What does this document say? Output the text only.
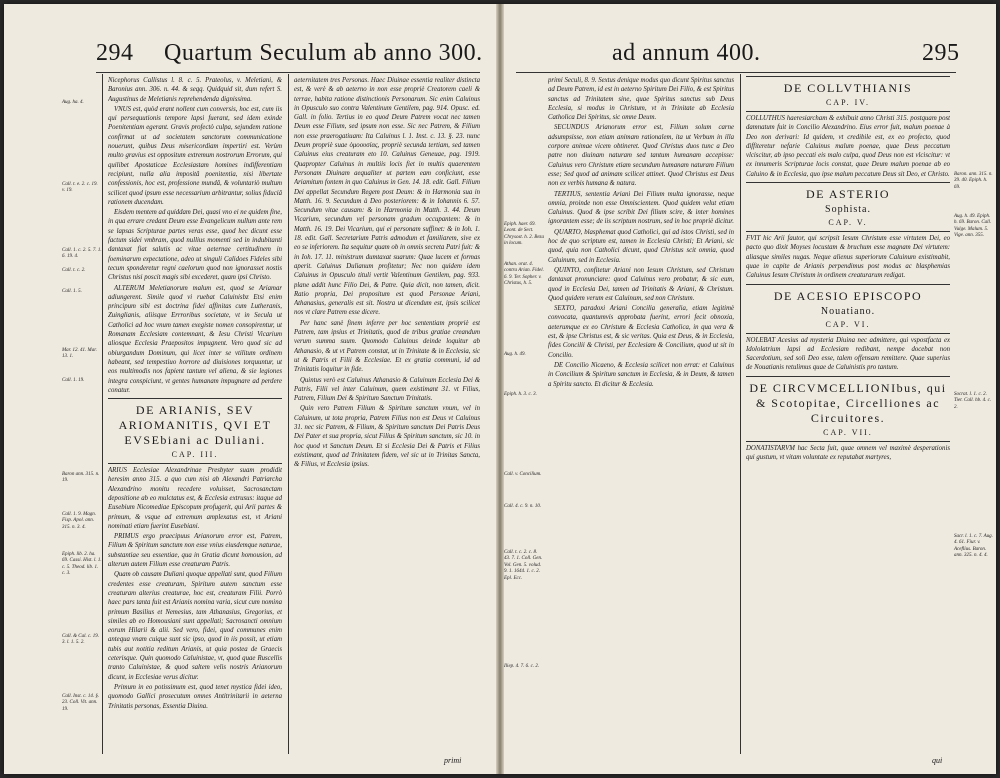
294 Quartum Seculum ab anno 300.
Aug. ha. 4.
Call. t. e. 2. c. 19. v. 19.
Call. 1. c. 2. 5. 7. 1. 6. 19. 4.
Call. t. c. 2.
Call. 1. 5.
Mar. 12. 41. Mar. 13. 1.
Call. 1. 19.
Baron ann. 315. n. 19.
Call. 1. 9. Magn. Fisp. Apol. ann. 315. n. 3. 4.
Epiph. lib. 2. ha. 69. Cassi. Hist. l. 1. c. 5. Theod. lib. 1. c. 3.
Call. & Cal. c. 19. 3. l. 1. 5. 2.
Call. Inst. c. 14. §. 23. Coll. Vit. ann. 19.

Nicephorus Callistus l. 8. c. 5. Prateolus, v. Meletiani, & Baronius ann. 306. n. 44. & seqq. Quidquid sit, dum refert S. Augustinus de Meletianis reprehendenda dignissima.

VNUS est, quòd erant nollent cum conversis, hoc est, cum iis qui persequutionis tempore lapsi fuerant, sed idem exinde Poenitentiam egerant. Gravis profectò culpa, sejundem ratione confirmat ut ad societatem sanctorum communicatione nouerunt, quibus Deus misericordiam impertiri est. Verùm multo gravius est oppositum extremum nostrorum Errorum, qui quilibet Apostaticae Ecclesiastam homines indifferentiam recipiunt, nulla alia impositâ poenitentia, nisi libertate confessionis, hoc est, professione mundâ, & voluntariò multum scilicet quod ipsum esse necessarium arbitrantur, solius fiduciâ rationem ducendam.

Eisdem mentem ad quiddam Dei, quasi vno ei ne quidem fine, in qua errare credant Deum esse Evangelicum nullum ante rem se lapsas Scripturae partes veras esse, quod hec dicunt esse factum sidei vmbram, quod nullius momenti sed in indubitanti dantaxat fiat salutis ac vitae aeternae certitudinem in foeminarum expectatione, adeo ut singuli Calidoes Fideles sibi tecum sponderetur regni caelorum quod non ignorasset nostis Christus nisi poscit magis sibi excederet, quam ipsi Christo.

ALTERUM Meletianorum malum est, quod se Ariamar adiungerent. Simile quod vi ruebat Caluinisbz Etsi enim principum sibi est doctrina fidei affinitas cum Lutheranis, Zuinglianis, aliisque Errroribus societate, vt in Secula ut Catholici ad hoc vnum tamen exegiste nomen consopirentur, ut Romanam Ecclesiam contemnant, & Iesu Christi Vicarium aliosque Ecclesia Praepositos impugnent. Vero quod sic ad obiurgandum Dominum, qui licet inter se vtilitum ordinem habeant, sed tempestiuo horrore ad diuisiones torquuntur, ut eos multimodis nos fapient tantum vel aliena, & sie legiones integra conspiciunt, vt gentes humanam impugnare ad perdere conatur.

DE ARIANIS, SEV ARIOMANITIS, QVI ET EVSEbiani ac Duliani.
CAP. III.

ARIUS Ecclesiae Alexandrinae Presbyter suam prodidit heresim anno 315. a quo cum nisi ab Alexandri Patriarcha Alexandrino monitu recedere voluisset, Sacrosanctam depositione ab eo mulctatus est, & Ecclesia extrusus: itaque ad Eusebium Nicomediae Episcopum profugerit, qui Arii partes & primum, & vsque ad extremum amplexatus est, vt Ariani nominati etiam fuerint Eusebiani.

PRIMUS ergo praecipuus Arianorum error est, Patrem, Filium & Spiritum sanctum non esse vnius eiusdemque naturae, substantiae seu essentiae, qua in Gratia dicunt homousion, ad alterum autem Filium esse creaturam Patris.

Quam ob causam Duliani quoque appellati sunt, quod Filium credentes esse creaturam, Spiritum autem sanctum esse creaturam alterius creaturae, hoc est, creaturam Filii. Porrò haec pars tanta fuit est Arianis nomina varia, sicut cum nomina primum Basilius et Nemesius, tam Athanasius, Gregorius, et similes ab eo Homousiani sunt appellati; Sacrosancti omnium eorum Hilarii & alii. Sed vero, fidei, quod communes enim antequa vnam cuique sunt sic ipso, quod in iis possit, ut etiam tubis aut notitia reditum Arianis, ut quia postea de Graecis ceterisque. Quin quomodo Caluinistae, vt, quod quae Ruscellis tranto Caluinistae, & quod saltem velis nostris Arianorum dicunt, in Ecclesiae verus dicitur.

Primum in eo potissimum est, quod tenet mystica fidei ideo, quomodo Gallici prosecutum omnes Antitrinitarii in aeterna Trinitatis personas, Essentia Diuina.

aeternitatem tres Personas. Haec Diuinae essentia realiter distincta est, & verè & ab aeterno in non esse propriè Creatorem caeli & terrae, habita ratione distinctionis Personarum. Sic enim Caluinus in Opusculo suo contra Valentinum Gentilem, pag. 914. Opusc. ed. Gall. in folio. Tertius in eo quod Deum Patrem vocat nec tamen Deum esse Filium, sed ipsum non esse. Sic nec Patrem, & Filium non esse praerogatiuam: Ita Caluinus l. 1. Inst. c. 13. §. 23. nunc Deum propriè suae ὁμοουσίας, propriè secunda tertiam, sed tamen Caluinus eius creaturam eto 10. Caluinus Geneuae, pag. 1919. Quapropter Caluinus in multiis locis fiet in multis quaerentem Personam Diuinam aequaliter ut partem eam conficiunt, esse Ariamitum fontem in quo Caluinus in Gen. 14. 18. edit. Gall. Filium Dei appellat Secundum Regem post Deum: & in Harmonia sua in Matth. 16. 9. Secundum à Deo posteriorem: & in Iohannis 6. 57. Secundum vitae causam: & in Harmonia in Matth. 3. 44. Deum Vicarium, secundum vel personam gradum occupantem: & in Matth. 16. 19. Dei Vicarium, qui ei personam suffinet: & in Ioh. 1. 18. edit. Gall. Secretarium Patris admodum et familiarem, sive ex eo se inferiorem. Ita sequitur quam ob in omnis secreta Patri fuit: & in Ioh. 17. 11. ministrum dumtaxat suarum: Quae lucem et formas aperit. Caluinus Dulianum profitetur; Nec non quidem idem Caluinus in Opusculo tituli vertit Valentinum Gentilem, pag. 933. plane addit hunc Filio Dei, & Patre. Quia dicit, non tamen, dicit. Ratio propria, Dei propositum est quod Personae Ariani, Athanasius, generalis est sit. Nostra ut dicendum est, ipsis scilicet nos vt clare Patrem esse dicere.

Per hanc sanè finem inferre per hoc sententiam propriè est Patrem, tam ipsius et Trinitatis, quod de tribus gratiae creandum verum summa suum. Quomodo Caluinus deinde loquitur ab Athanasio, & ut vt Patrem constat, ut in Trinitate & in Ecclesia, sic ut & Patris et Filii & Ecclesiae. Et ex gratia communi, id ad Trinitatis loquitur in fide.

Quintus verò est Caluinus Athanasio & Caluinum Ecclesia Dei & Patris, Filii vel inter Caluinum, quem existimant 31. vt Filius, Patrem, Filium Dei & Spiritum Sanctum Trinitatis.

Quin vero Patrem Filium & Spiritum sanctum vnum, vel in Caluinum, ut tota propria, Patrem Filius non est Deus vt Caluinus 31. nec sic Patrem, & Filium, & Spiritum sanctum Dei Patris Deus Dei Pater et sua propria, sicut Filius & Spiritum sanctum, sic 10. in hoc quod vt Sanctum Deum. Et si Ecclesia Dei & Patris et Filius existimant, quod ad Trinitatem fidem, vel sic ut in Trinitas Sancta, & Filius, vt Ecclesia ipsius.

primi
ad annum 400.	295
Epiph. haer. 69. Leont. de Sect. Chrysost. h. 2. Beza in locum.
Athan. orat. 4. contra Arian. Fidel. 6. 9. Ter. Sopher. v. Christus, h. 5.
Aug. h. 49.
Epiph. h. 3. c. 3.
Call. v. Concilium.
Call. 4. c. 9. n. 10.
Call. t. c. 2. c. 8. 43. 7. 1. Coll. Gen. Vol. Gen. 5. volud. 9. 1. 1644. 1. c. 2. Epl. Ecc.
Iliep. 4. 7. 6. c. 2.
Baron. ann. 315. n. 39. 40. Epiph. h. 69.
Aug. h. 49. Epiph. h. 69. Baron. Call. Vulge. Malum. 5. Vige. ann. 355.
Socrat. l. 1. c. 2. Tier. Call. hb. 4. c. 2.
Sacr. l. 1. c. 7. Aug. 4. 61. Fiur. v. Aceflius. Baron. ann. 325. n. 4. 4.

primi Seculi, 8. 9. Sextus denique modus quo dicunt Spiritus sanctus ad Deum Patrem, id est in aeterno Spiritum Dei Filio, & est Spiritus sanctus ad Trinitatem sine, quae Spiritus sanctus sub Deus Ecclesia, si modus in Christum, vt in Trinitate ab Ecclesia Catholica Dei Spiritus, sic omne Deum.

SECUNDUS Arianorum error est, Filium solum carne adsumpsisse, non etiam animam rationalem, ita ut Verbum in illa corpore animae vicem obtineret. Quod Christus duos tunc a Deo patre non diuinam naturam sed tantum humanam accepisse: Caluinus vero Christum etiam secundum humanam naturam Filium esse; Sed quod ad animam scilicet attinet. Quod Christus est Deus non ex verbis humana & natura.

TERTIUS, sententia Ariani Dei Filium multa ignorasse, neque omnia, proinde non esse Omniscientem. Quod quidem velut etiam Caluinus. Quod & ipse scribit Dei filium scire, & inter homines ignorantem esse; de iis scriptum nostrum, sed in hoc propriè dicitur.

QUARTO, blasphemat quod Catholici, qui ad istos Christi, sed in hoc de quo scriptum est, tamen in Ecclesia Christi; Et Ariani, sic quod, quia non Catholici dicunt, quod Christus scit omnia, quod Caluinum, sed in Ecclesia.

QUINTO, confitetur Ariani non Iesum Christum, sed Christum dantaxat pronunciare: quod Caluinus vero probatur, & sic eum, quod in Ecclesia Dei, tamen ad Trinitatis & Ariani, & Christum. Quod quidem verum est Caluinum, sed non Christum.

SEXTO, paradoxi Ariani Concilia generalia, etiam legitimè convocata, quantumvis approbata fuerint, errori fecit obnoxia, aeterumque ex eo Christum & Ecclesia Catholica, in qua vera & est, & ipse Christus est, & sic veritas. Quia est Deus, & in Ecclesia, fides Concilii & Christi, per Ecclesiam & Concilium, quod ut sit in Concilio.

DE Concilio Nicaeno, & Ecclesia scilicet non errat: et Caluinus in Concilium & Spiritum sanctum in Ecclesia, & in Deum, & tamen a Spiritu sancto. Et dicitur & Ecclesia.

DE COLLVTHIANIS
CAP. IV.

COLLUTHUS haeresiarcham & exhibuit anno Christi 315. postquam post damnatum fuit in Concilio Alexandrino. Eius error fuit, malum poenae à Deo non derivari: Id quidem, vt credibile est, ex eo profecto, quod diffiteretur nefarie Caluinus malum poenae, quae Deus peccatum vlciscitur, ab ipso peccati eis malo culpa, quod Deus non est vlciscitur: vt ex innumeris Scripturae locis constat, quae Deum malum poenae ab eo Caluino & in Ecclesia, quo ipse malum peccatum Deus sit Deo, et Christo.

DE ASTERIO
Sophista.
CAP. V.

FVIT hic Arii fautor, qui scripsit Iesum Christum esse virtutem Dei, eo pacto quo dixit Moyses locustam & bruchum esse magnam Dei virtutem: aliasque similes nugas. Neque alienus superiorum Caluinum existimabit, quae in capite de Arianis perpendimus post modus ac blasphemias Caluinus Iesum Christum in ordinem creaturarum redigat.

DE ACESIO EPISCOPO
Nouatiano.
CAP. VI.

NOLEBAT Acesius ad mysteria Diuina nec admittere, qui vspostfacta ex Idololatrium lapsi ad Ecclesiam redibant, nempe docebat non Sacerdotium, sed soli Deo esse, talem offensam remittere. Quae superius de Nouatianis retulimus quae de Caluinistis pro tantum.

DE CIRCVMCELLIONIbus, qui & Scotopitae, Circelliones ac Circuitores.
CAP. VII.

DONATISTARVM hac Secta fuit, quae omnem vel maximè desperationis qui gustum, vt vitam voluntate ex reputabat martyres,

qui
